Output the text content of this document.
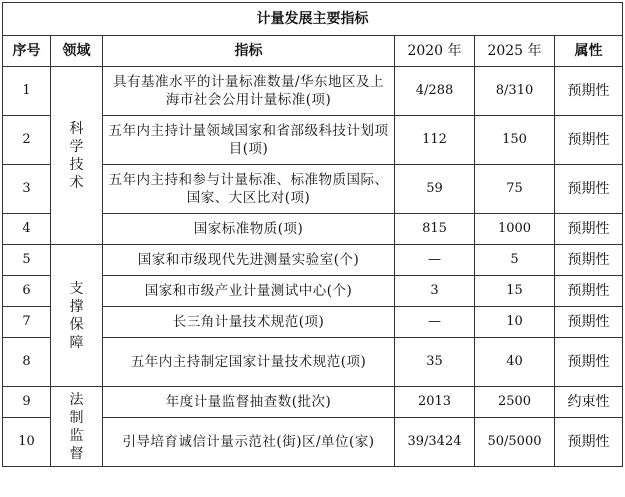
计量发展主要指标					
序号	领域	指标	2020 年	2025 年	属性
1	科学技术	具有基准水平的计量标准数量/华东地区及上海市社会公用计量标准(项)	4/288	8/310	预期性
2		五年内主持计量领域国家和省部级科技计划项目(项)	112	150	预期性
3		五年内主持和参与计量标准、标准物质国际、国家、大区比对(项)	59	75	预期性
4		国家标准物质(项)	815	1000	预期性
5	支撑保障	国家和市级现代先进测量实验室(个)	—	5	预期性
6		国家和市级产业计量测试中心(个)	3	15	预期性
7		长三角计量技术规范(项)	—	10	预期性
8		五年内主持制定国家计量技术规范(项)	35	40	预期性
9	法制监督	年度计量监督抽查数(批次)	2013	2500	约束性
10		引导培育诚信计量示范社(街)区/单位(家)	39/3424	50/5000	预期性
